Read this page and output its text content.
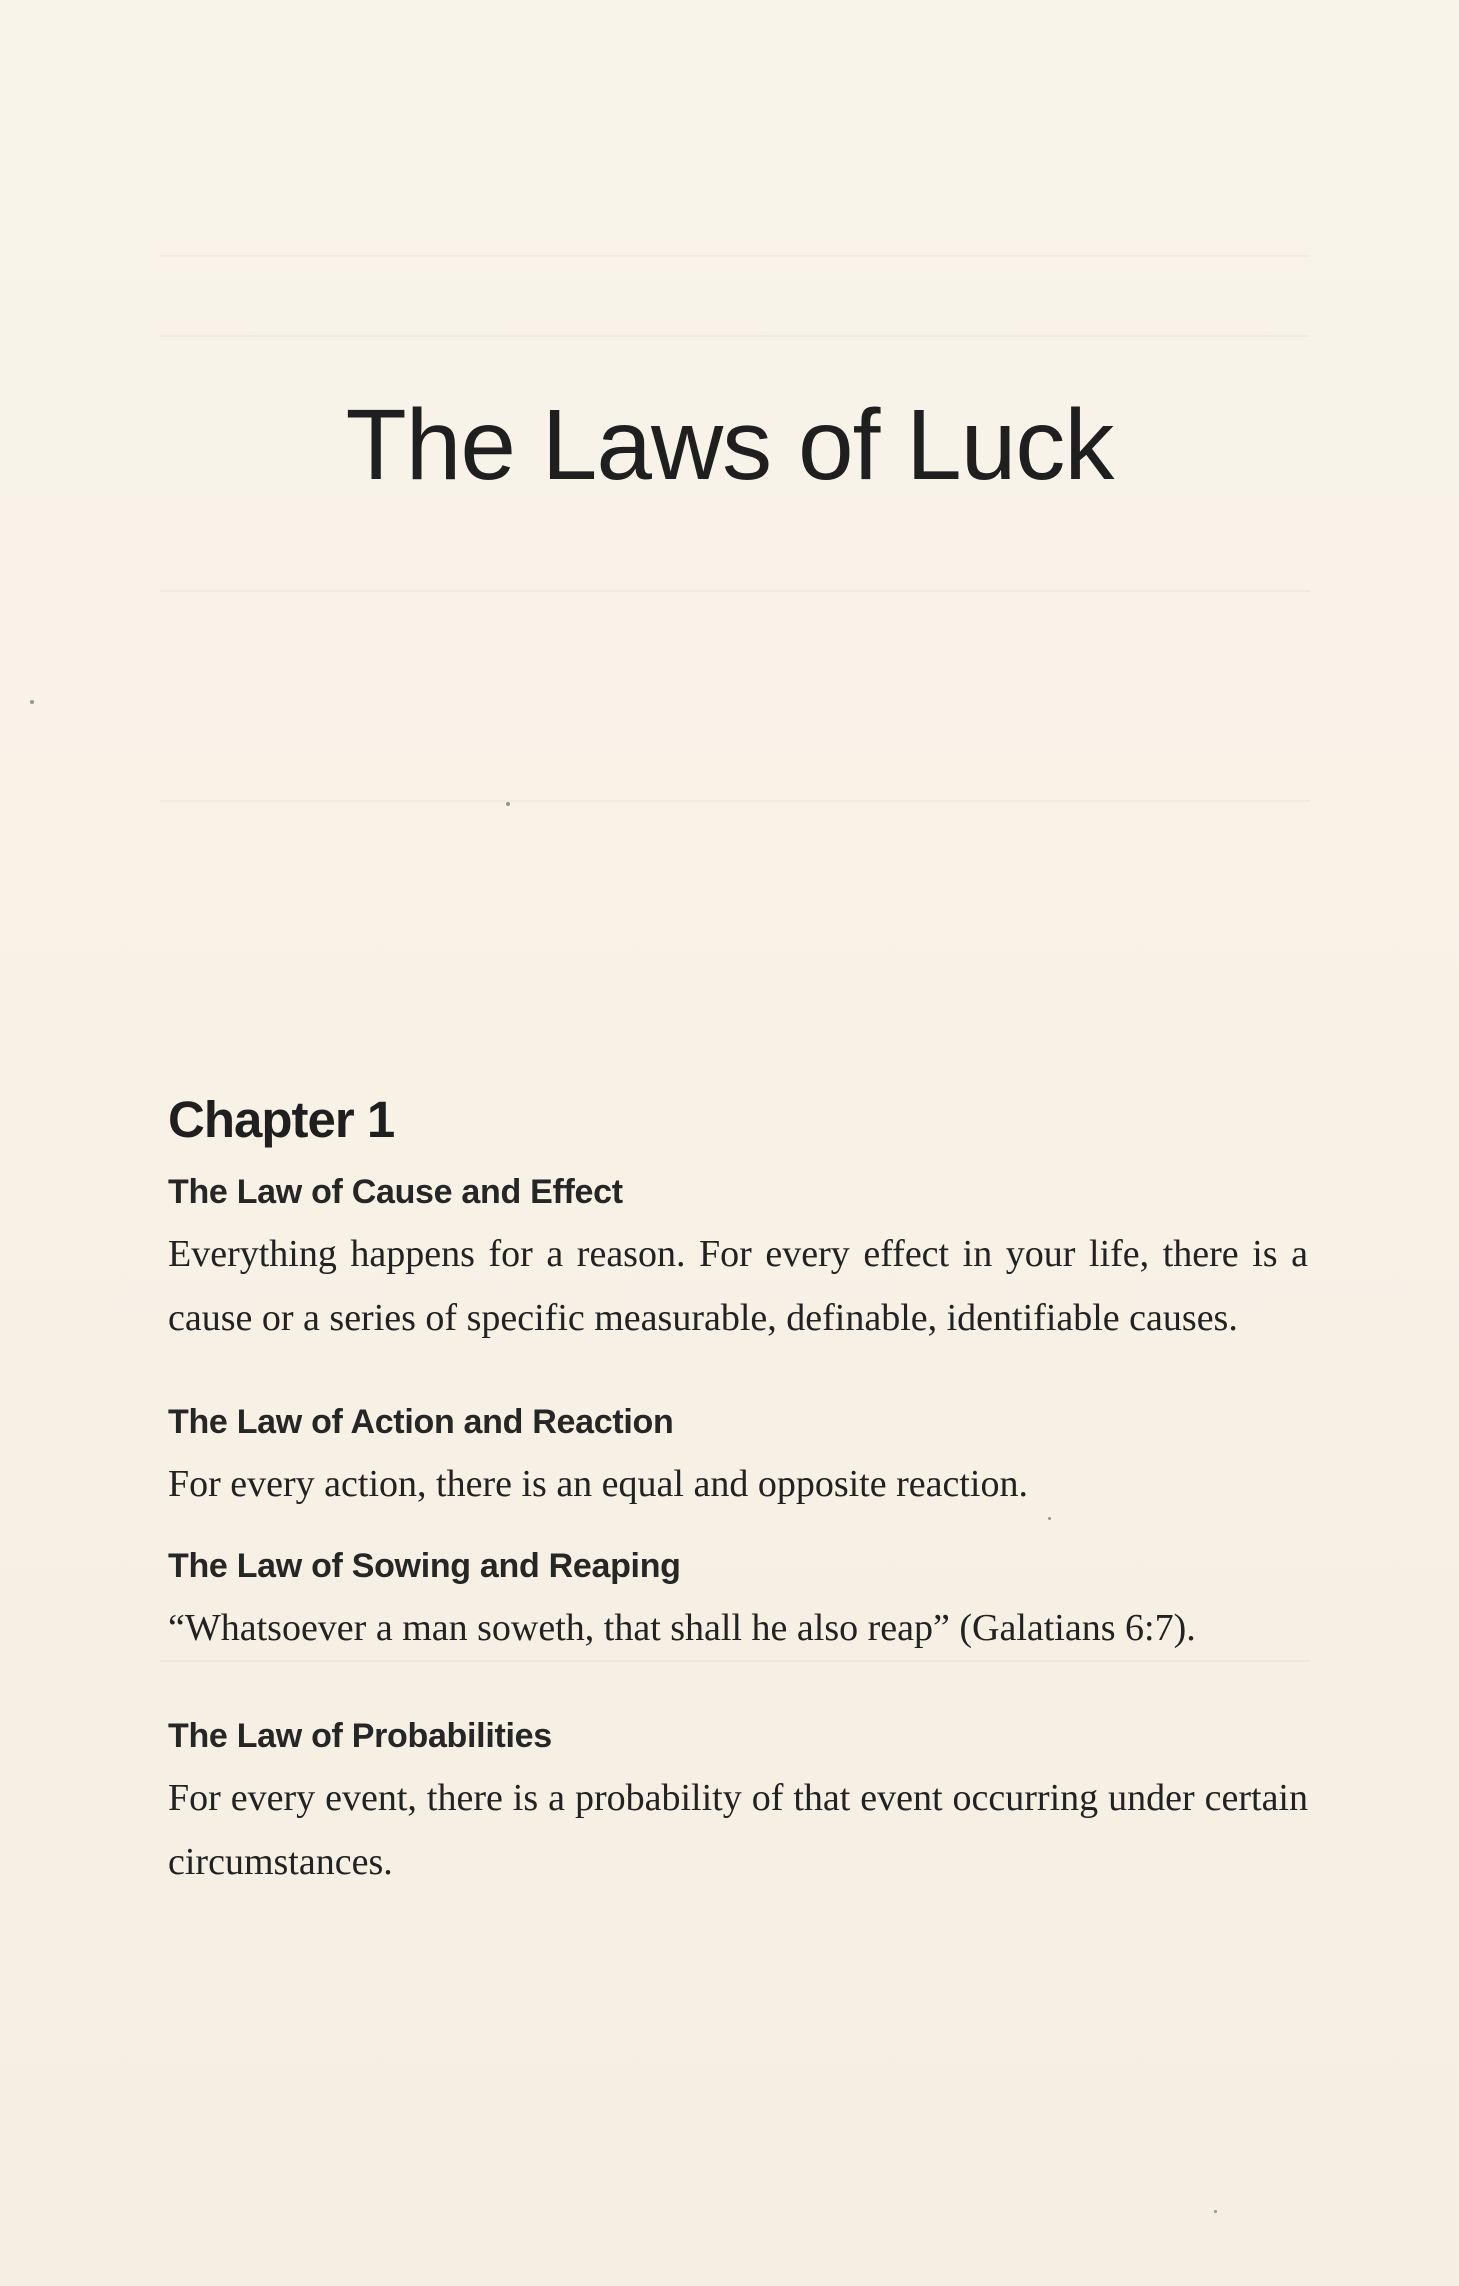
The Laws of Luck
Chapter 1
The Law of Cause and Effect

Everything happens for a reason. For every effect in your life, there is a cause or a series of specific measurable, definable, identifiable causes.

The Law of Action and Reaction

For every action, there is an equal and opposite reaction.

The Law of Sowing and Reaping

“Whatsoever a man soweth, that shall he also reap” (Galatians 6:7).

The Law of Probabilities

For every event, there is a probability of that event occurring under certain circumstances.
